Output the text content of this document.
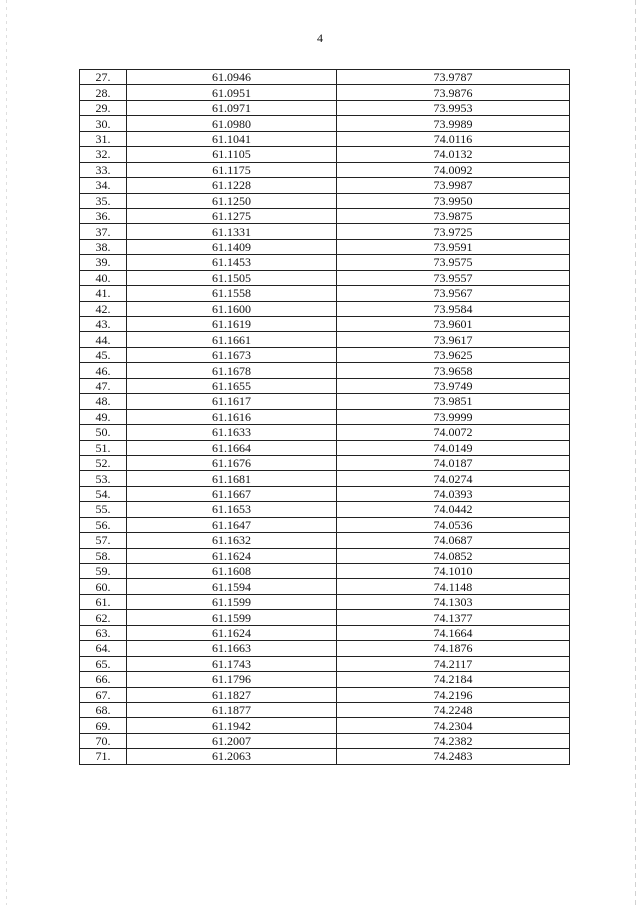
4
27.	61.0946	73.9787
28.	61.0951	73.9876
29.	61.0971	73.9953
30.	61.0980	73.9989
31.	61.1041	74.0116
32.	61.1105	74.0132
33.	61.1175	74.0092
34.	61.1228	73.9987
35.	61.1250	73.9950
36.	61.1275	73.9875
37.	61.1331	73.9725
38.	61.1409	73.9591
39.	61.1453	73.9575
40.	61.1505	73.9557
41.	61.1558	73.9567
42.	61.1600	73.9584
43.	61.1619	73.9601
44.	61.1661	73.9617
45.	61.1673	73.9625
46.	61.1678	73.9658
47.	61.1655	73.9749
48.	61.1617	73.9851
49.	61.1616	73.9999
50.	61.1633	74.0072
51.	61.1664	74.0149
52.	61.1676	74.0187
53.	61.1681	74.0274
54.	61.1667	74.0393
55.	61.1653	74.0442
56.	61.1647	74.0536
57.	61.1632	74.0687
58.	61.1624	74.0852
59.	61.1608	74.1010
60.	61.1594	74.1148
61.	61.1599	74.1303
62.	61.1599	74.1377
63.	61.1624	74.1664
64.	61.1663	74.1876
65.	61.1743	74.2117
66.	61.1796	74.2184
67.	61.1827	74.2196
68.	61.1877	74.2248
69.	61.1942	74.2304
70.	61.2007	74.2382
71.	61.2063	74.2483
